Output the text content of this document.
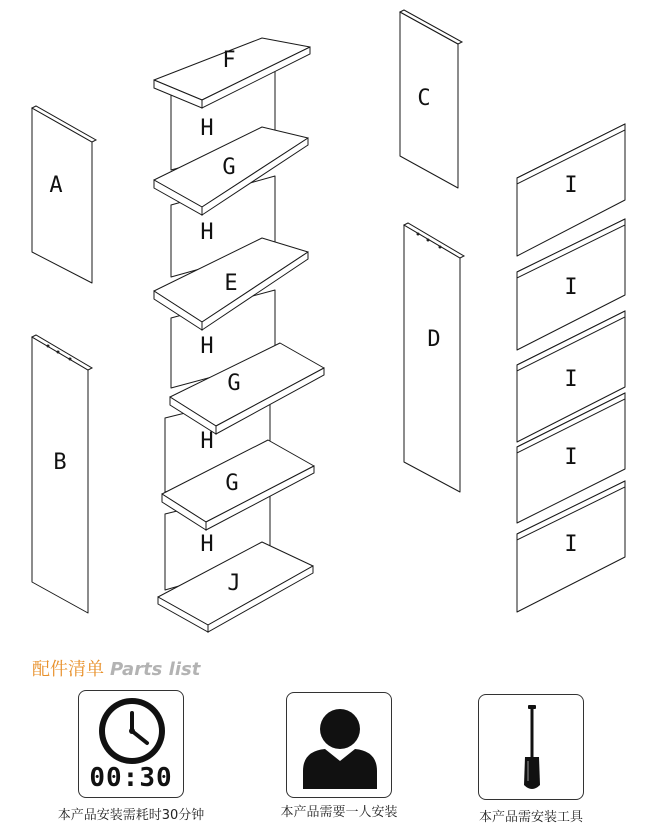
A
B
C
D
H
H
H
H
H
F
G
E
G
G
J
I
I
I
I
I
配件清单 Parts list
00:30
本产品安装需耗时30分钟	本产品需要一人安装	本产品需安装工具
